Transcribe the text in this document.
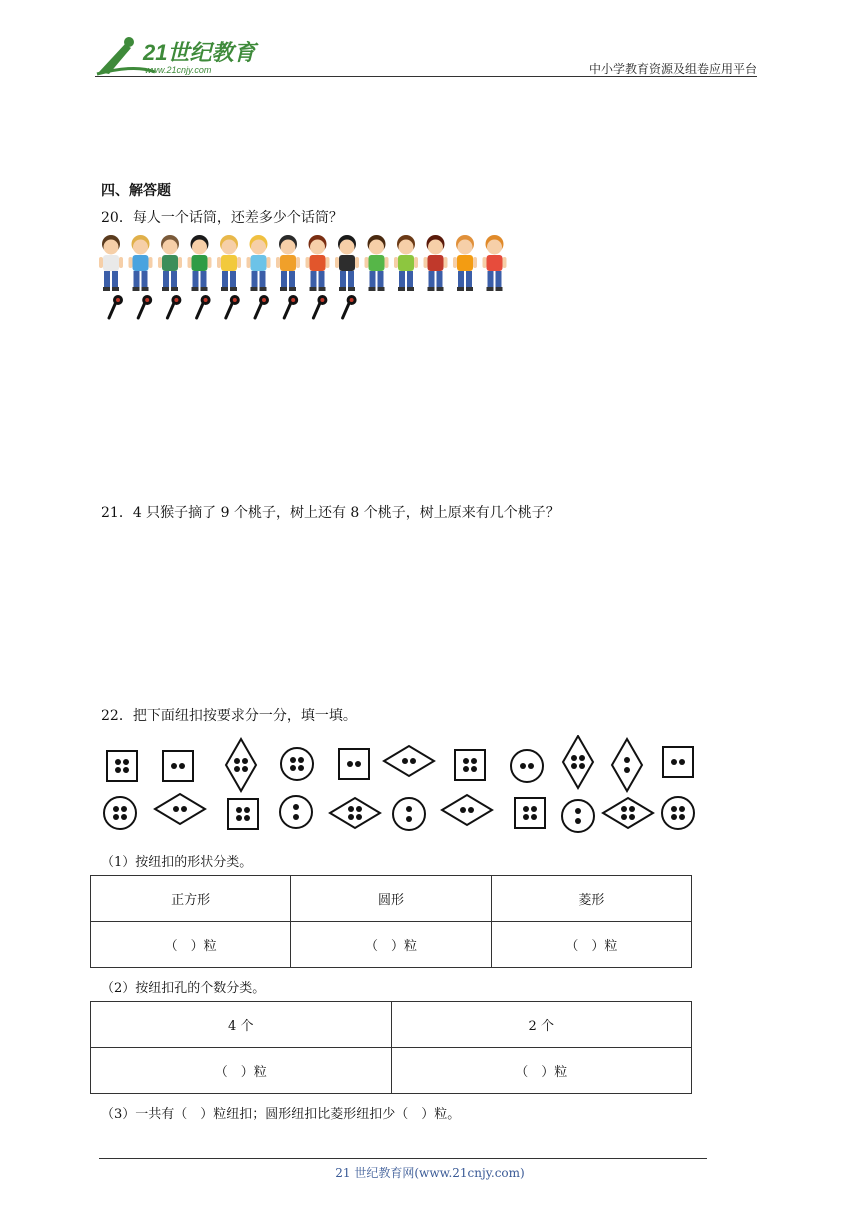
21世纪教育
www.21cnjy.com	中小学教育资源及组卷应用平台
四、解答题
20．每人一个话筒，还差多少个话筒？
21．4 只猴子摘了 9 个桃子，树上还有 8 个桃子，树上原来有几个桃子？
22．把下面纽扣按要求分一分，填一填。
（1）按纽扣的形状分类。
正方形	圆形	菱形
（　）粒	（　）粒	（　）粒
（2）按纽扣孔的个数分类。
4 个	2 个
（　）粒	（　）粒
（3）一共有（　）粒纽扣；圆形纽扣比菱形纽扣少（　）粒。
21 世纪教育网(www.21cnjy.com)
